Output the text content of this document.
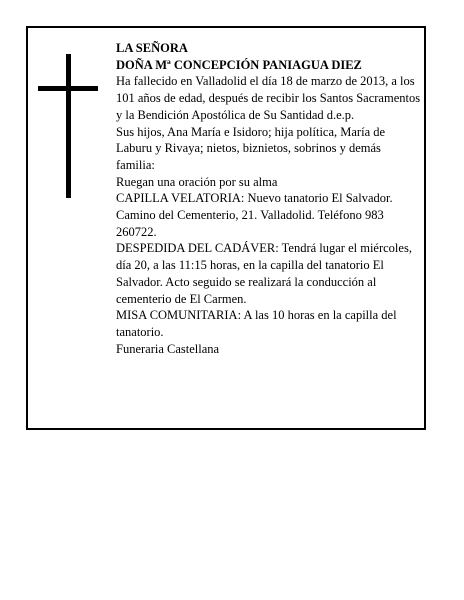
LA SEÑORA

DOÑA Mª CONCEPCIÓN PANIAGUA DIEZ

Ha fallecido en Valladolid el día 18 de marzo de 2013, a los 101 años de edad, después de recibir los Santos Sacramentos y la Bendición Apostólica de Su Santidad d.e.p.

Sus hijos, Ana María e Isidoro; hija política, María de Laburu y Rivaya; nietos, biznietos, sobrinos y demás familia:

Ruegan una oración por su alma

CAPILLA VELATORIA: Nuevo tanatorio El Salvador. Camino del Cementerio, 21. Valladolid. Teléfono 983 260722.

DESPEDIDA DEL CADÁVER: Tendrá lugar el miércoles, día 20, a las 11:15 horas, en la capilla del tanatorio El Salvador. Acto seguido se realizará la conducción al cementerio de El Carmen.

MISA COMUNITARIA: A las 10 horas en la capilla del tanatorio.

Funeraria Castellana
